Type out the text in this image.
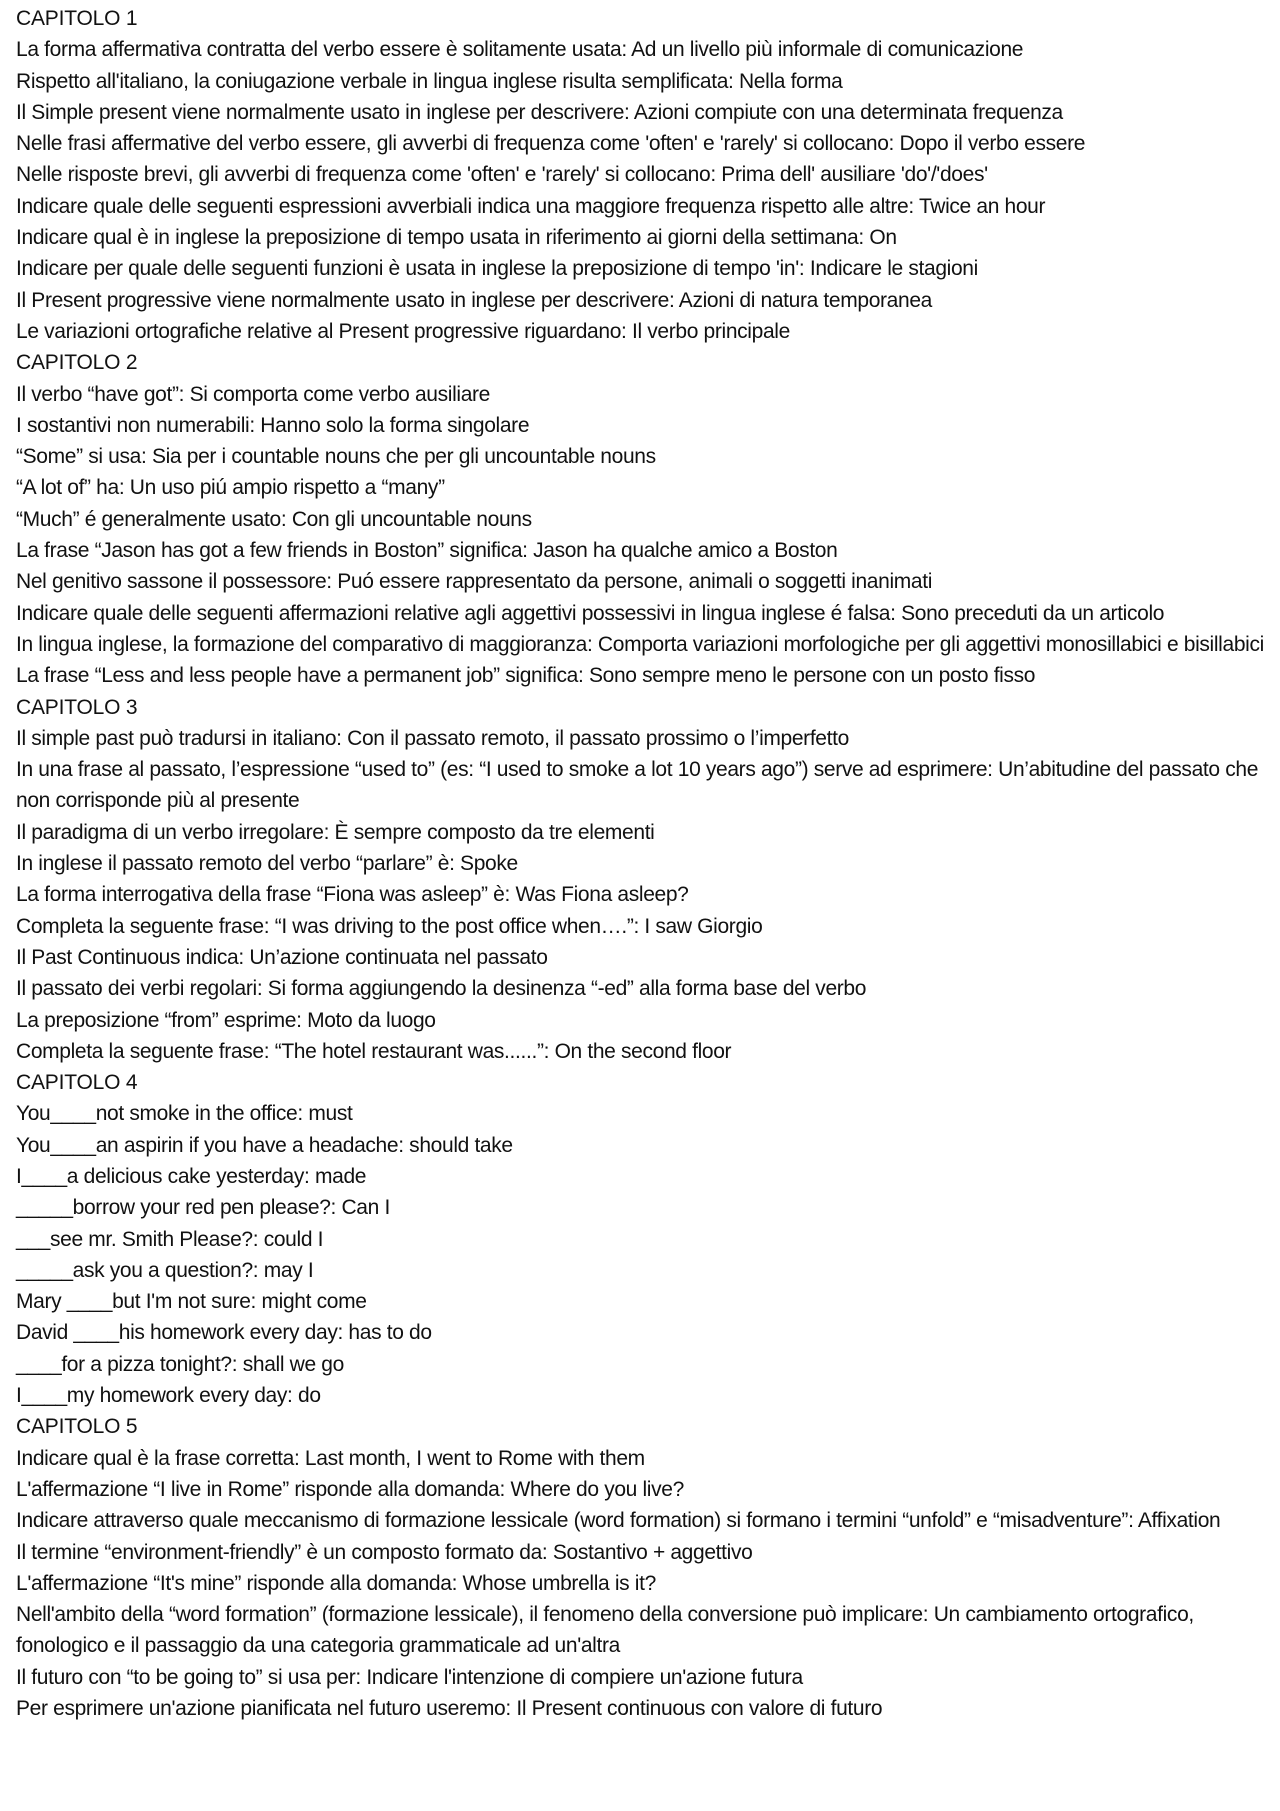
CAPITOLO 1
La forma affermativa contratta del verbo essere è solitamente usata: Ad un livello più informale di comunicazione
Rispetto all'italiano, la coniugazione verbale in lingua inglese risulta semplificata: Nella forma
Il Simple present viene normalmente usato in inglese per descrivere: Azioni compiute con una determinata frequenza
Nelle frasi affermative del verbo essere, gli avverbi di frequenza come 'often' e 'rarely' si collocano: Dopo il verbo essere
Nelle risposte brevi, gli avverbi di frequenza come 'often' e 'rarely' si collocano: Prima dell' ausiliare 'do'/'does'
Indicare quale delle seguenti espressioni avverbiali indica una maggiore frequenza rispetto alle altre: Twice an hour
Indicare qual è in inglese la preposizione di tempo usata in riferimento ai giorni della settimana: On
Indicare per quale delle seguenti funzioni è usata in inglese la preposizione di tempo 'in': Indicare le stagioni
Il Present progressive viene normalmente usato in inglese per descrivere: Azioni di natura temporanea
Le variazioni ortografiche relative al Present progressive riguardano: Il verbo principale
CAPITOLO 2
Il verbo “have got”: Si comporta come verbo ausiliare
I sostantivi non numerabili: Hanno solo la forma singolare
“Some” si usa: Sia per i countable nouns che per gli uncountable nouns
“A lot of” ha: Un uso piú ampio rispetto a “many”
“Much” é generalmente usato: Con gli uncountable nouns
La frase “Jason has got a few friends in Boston” significa: Jason ha qualche amico a Boston
Nel genitivo sassone il possessore: Puó essere rappresentato da persone, animali o soggetti inanimati
Indicare quale delle seguenti affermazioni relative agli aggettivi possessivi in lingua inglese é falsa: Sono preceduti da un articolo
In lingua inglese, la formazione del comparativo di maggioranza: Comporta variazioni morfologiche per gli aggettivi monosillabici e bisillabici
La frase “Less and less people have a permanent job” significa: Sono sempre meno le persone con un posto fisso
CAPITOLO 3
Il simple past può tradursi in italiano: Con il passato remoto, il passato prossimo o l’imperfetto
In una frase al passato, l’espressione “used to” (es: “I used to smoke a lot 10 years ago”) serve ad esprimere: Un’abitudine del passato che non corrisponde più al presente
Il paradigma di un verbo irregolare: È sempre composto da tre elementi
In inglese il passato remoto del verbo “parlare” è: Spoke
La forma interrogativa della frase “Fiona was asleep” è: Was Fiona asleep?
Completa la seguente frase: “I was driving to the post office when….”: I saw Giorgio
Il Past Continuous indica: Un’azione continuata nel passato
Il passato dei verbi regolari: Si forma aggiungendo la desinenza “-ed” alla forma base del verbo
La preposizione “from” esprime: Moto da luogo
Completa la seguente frase: “The hotel restaurant was......”: On the second floor
CAPITOLO 4
You____not smoke in the office: must
You____an aspirin if you have a headache: should take
I____a delicious cake yesterday: made
_____borrow your red pen please?: Can I
___see mr. Smith Please?: could I
_____ask you a question?: may I
Mary ____but I'm not sure: might come
David ____his homework every day: has to do
____for a pizza tonight?: shall we go
I____my homework every day: do
CAPITOLO 5
Indicare qual è la frase corretta: Last month, I went to Rome with them
L'affermazione “I live in Rome” risponde alla domanda: Where do you live?
Indicare attraverso quale meccanismo di formazione lessicale (word formation) si formano i termini “unfold” e “misadventure”: Affixation
Il termine “environment-friendly” è un composto formato da: Sostantivo + aggettivo
L'affermazione “It's mine” risponde alla domanda: Whose umbrella is it?
Nell'ambito della “word formation” (formazione lessicale), il fenomeno della conversione può implicare: Un cambiamento ortografico, fonologico e il passaggio da una categoria grammaticale ad un'altra
Il futuro con “to be going to” si usa per: Indicare l'intenzione di compiere un'azione futura
Per esprimere un'azione pianificata nel futuro useremo: Il Present continuous con valore di futuro
